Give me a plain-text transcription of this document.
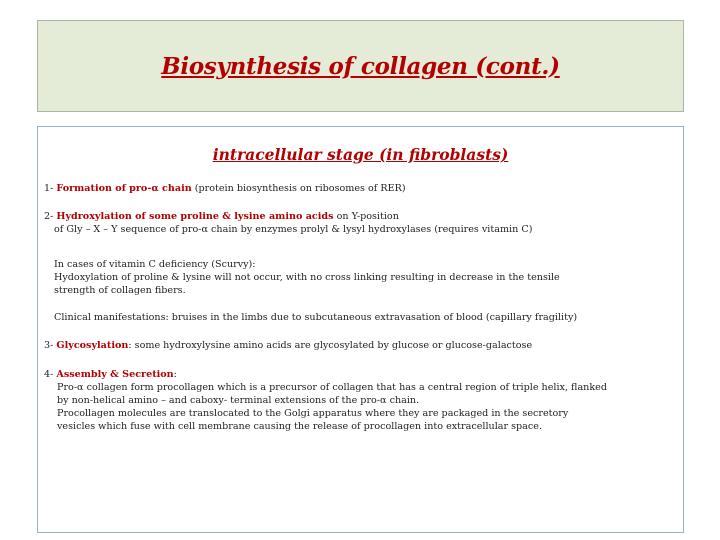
Biosynthesis of collagen (cont.)
intracellular stage (in fibroblasts)
1- Formation of pro-α chain (protein biosynthesis on ribosomes of RER)
2- Hydroxylation of some proline & lysine amino acids on Y-position
of Gly – X – Y sequence of pro-α chain by enzymes prolyl & lysyl hydroxylases (requires vitamin C)
In cases of vitamin C deficiency (Scurvy):
Hydoxylation of proline & lysine will not occur, with no cross linking resulting in decrease in the tensile
strength of collagen fibers.
Clinical manifestations: bruises in the limbs due to subcutaneous extravasation of blood (capillary fragility)
3- Glycosylation: some hydroxylysine amino acids are glycosylated by glucose or glucose-galactose
4- Assembly & Secretion:
Pro-α collagen form procollagen which is a precursor of collagen that has a central region of triple helix, flanked
by non-helical amino – and caboxy- terminal extensions of the pro-α chain.
Procollagen molecules are translocated to the Golgi apparatus where they are packaged in the secretory
vesicles which fuse with cell membrane causing the release of procollagen into extracellular space.
